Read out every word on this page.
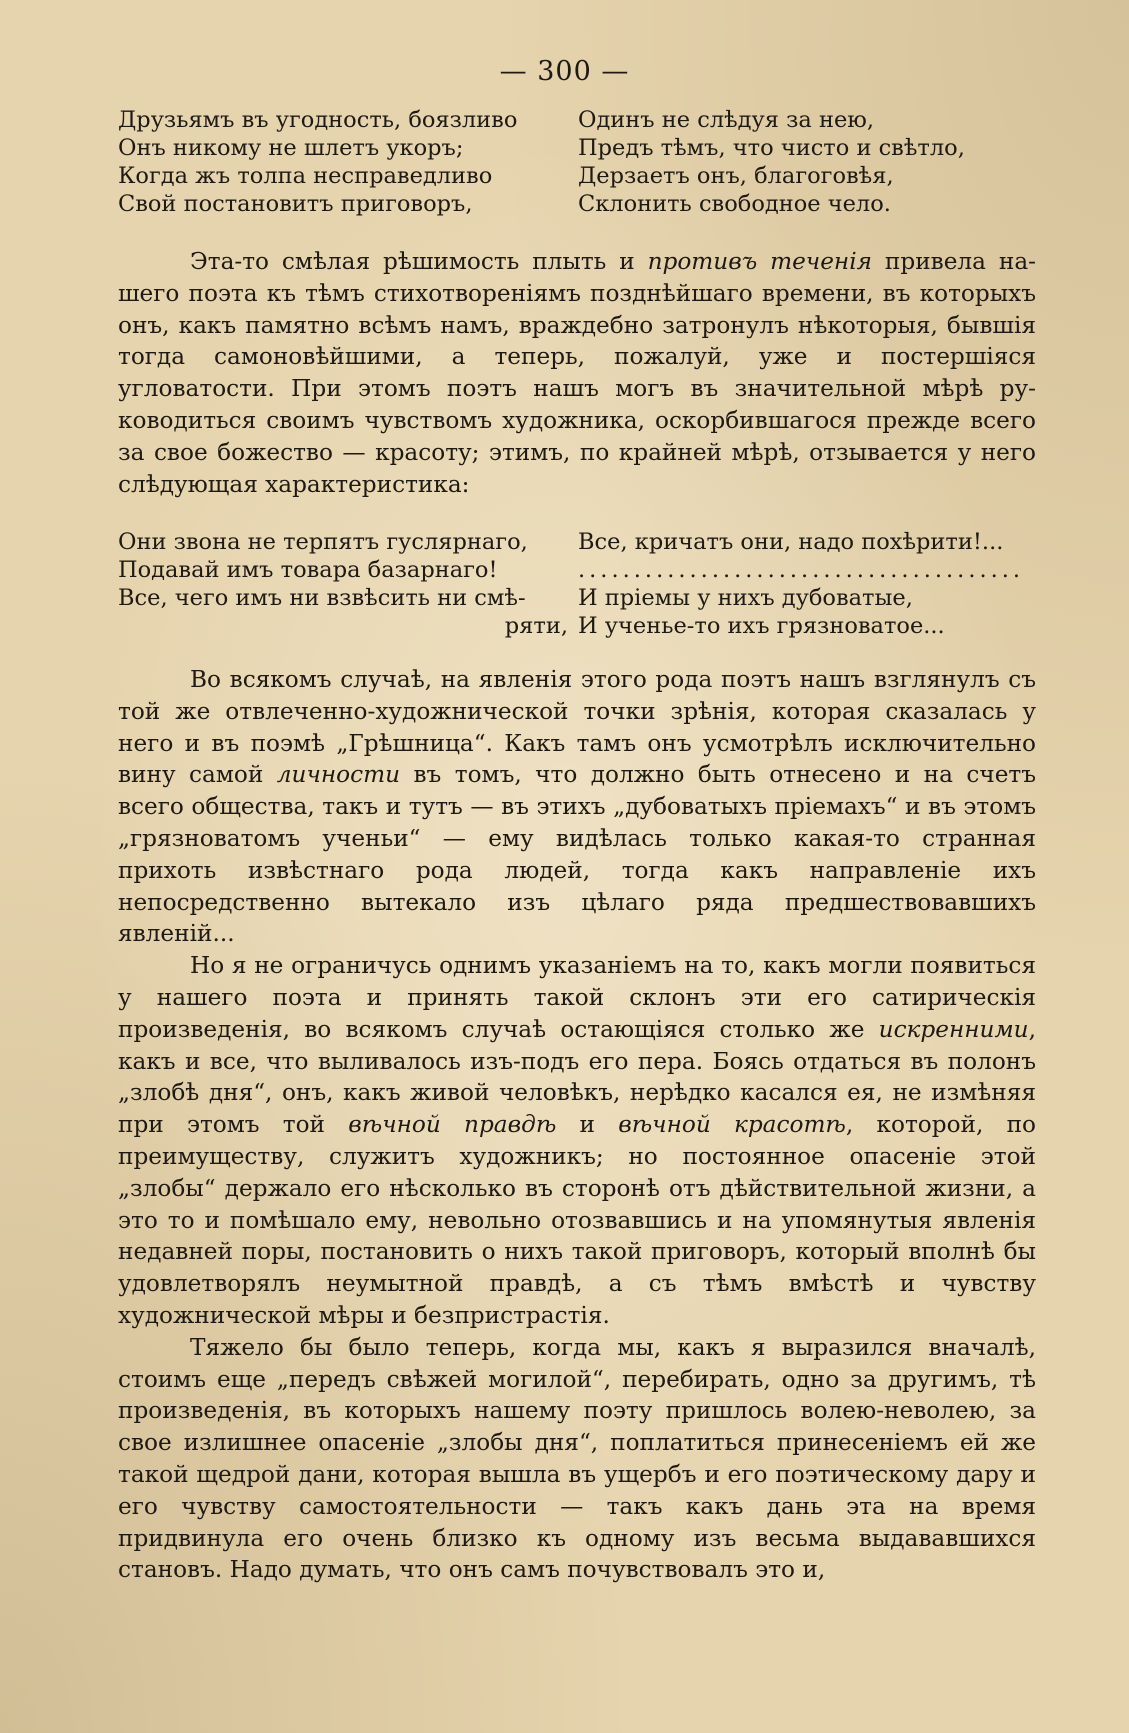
— 300 —
Друзьямъ въ угодность, боязливо
Онъ никому не шлетъ укоръ;
Когда жъ толпа несправедливо
Свой постановитъ приговоръ,
Одинъ не слѣдуя за нею,
Предъ тѣмъ, что чисто и свѣтло,
Дерзаетъ онъ, благоговѣя,
Склонить свободное чело.

Эта-то смѣлая рѣшимость плыть и противъ теченія привела нашего поэта къ тѣмъ стихотвореніямъ позднѣйшаго времени, въ которыхъ онъ, какъ памятно всѣмъ намъ, враждебно затронулъ нѣкоторыя, бывшія тогда самоновѣйшими, а теперь, пожалуй, уже и постершіяся угловатости. При этомъ поэтъ нашъ могъ въ значительной мѣрѣ руководиться своимъ чувствомъ художника, оскорбившагося прежде всего за свое божество — красоту; этимъ, по крайней мѣрѣ, отзывается у него слѣдующая характеристика:

Они звона не терпятъ гуслярнаго,
Подавай имъ товара базарнаго!
Все, чего имъ ни взвѣсить ни смѣ-
ряти,
Все, кричатъ они, надо похѣрити!...
........................................
И пріемы у нихъ дубоватые,
И ученье-то ихъ грязноватое...

Во всякомъ случаѣ, на явленія этого рода поэтъ нашъ взглянулъ съ той же отвлеченно-художнической точки зрѣнія, которая сказалась у него и въ поэмѣ „Грѣшница“. Какъ тамъ онъ усмотрѣлъ исключительно вину самой личности въ томъ, что должно быть отнесено и на счетъ всего общества, такъ и тутъ — въ этихъ „дубоватыхъ пріемахъ“ и въ этомъ „грязноватомъ ученьи“ — ему видѣлась только какая-то странная прихоть извѣстнаго рода людей, тогда какъ направленіе ихъ непосредственно вытекало изъ цѣлаго ряда предшествовавшихъ явленій...

Но я не ограничусь однимъ указаніемъ на то, какъ могли появиться у нашего поэта и принять такой склонъ эти его сатирическія произведенія, во всякомъ случаѣ остающіяся столько же искренними, какъ и все, что выливалось изъ-подъ его пера. Боясь отдаться въ полонъ „злобѣ дня“, онъ, какъ живой человѣкъ, нерѣдко касался ея, не измѣняя при этомъ той вѣчной правдѣ и вѣчной красотѣ, которой, по преимуществу, служитъ художникъ; но постоянное опасеніе этой „злобы“ держало его нѣсколько въ сторонѣ отъ дѣйствительной жизни, а это то и помѣшало ему, невольно отозвавшись и на упомянутыя явленія недавней поры, постановить о нихъ такой приговоръ, который вполнѣ бы удовлетворялъ неумытной правдѣ, а съ тѣмъ вмѣстѣ и чувству художнической мѣры и безпристрастія.

Тяжело бы было теперь, когда мы, какъ я выразился вначалѣ, стоимъ еще „передъ свѣжей могилой“, перебирать, одно за другимъ, тѣ произведенія, въ которыхъ нашему поэту пришлось волею-неволею, за свое излишнее опасеніе „злобы дня“, поплатиться принесеніемъ ей же такой щедрой дани, которая вышла въ ущербъ и его поэтическому дару и его чувству самостоятельности — такъ какъ дань эта на время придвинула его очень близко къ одному изъ весьма выдававшихся становъ. Надо думать, что онъ самъ почувствовалъ это и,
